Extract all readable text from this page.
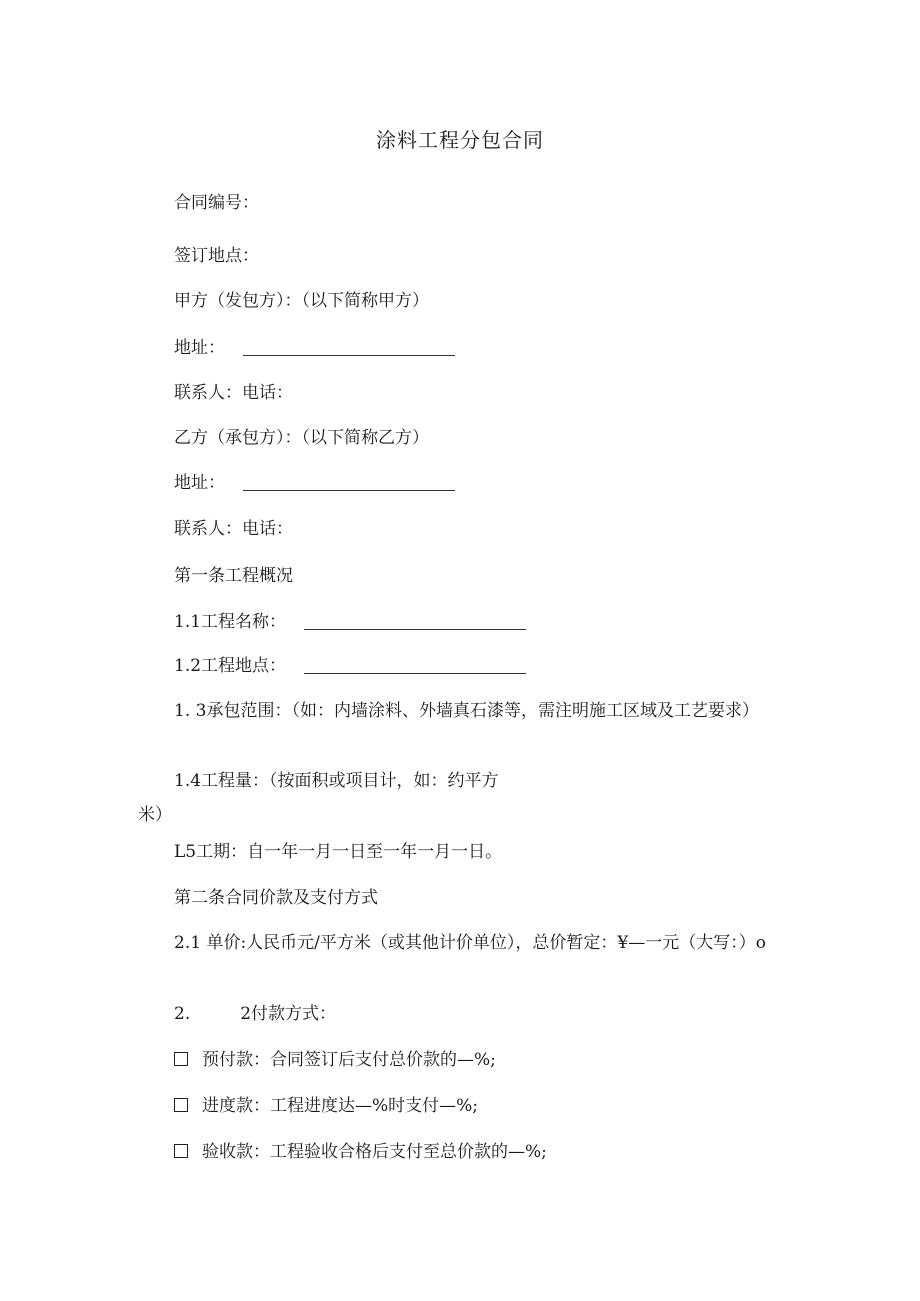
涂料工程分包合同
合同编号：
签订地点：
甲方（发包方）：（以下简称甲方）
地址：
联系人：电话：
乙方（承包方）：（以下简称乙方）
地址：
联系人：电话：
第一条工程概况
1.1工程名称：
1.2工程地点：
1. 3承包范围：（如：内墙涂料、外墙真石漆等，需注明施工区域及工艺要求）
1.4工程量：（按面积或项目计，如：约平方米）
L5工期：自一年一月一日至一年一月一日。
第二条合同价款及支付方式
2.1 单价:人民币元/平方米（或其他计价单位），总价暂定：¥—一元（大写：）o
2.	2付款方式：
预付款：合同签订后支付总价款的—%;
进度款：工程进度达—%时支付—%;
验收款：工程验收合格后支付至总价款的—%;
